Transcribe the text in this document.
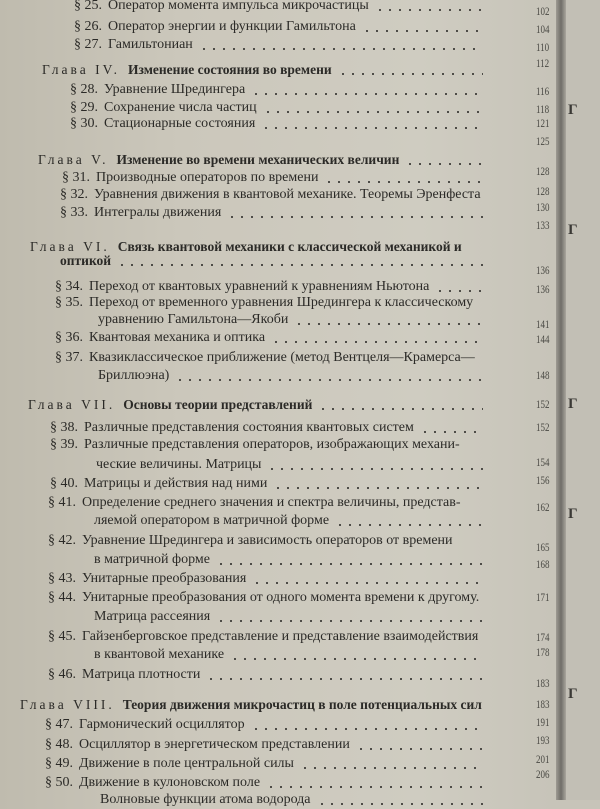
§ 25. Оператор момента импульса микрочастицы
§ 26. Оператор энергии и функции Гамильтона
§ 27. Гамильтониан
Глава IV. Изменение состояния во времени
§ 28. Уравнение Шредингера
§ 29. Сохранение числа частиц
§ 30. Стационарные состояния
Глава V. Изменение во времени механических величин
§ 31. Производные операторов по времени
§ 32. Уравнения движения в квантовой механике. Теоремы Эренфеста
§ 33. Интегралы движения
Глава VI. Связь квантовой механики с классической механикой и
оптикой
§ 34. Переход от квантовых уравнений к уравнениям Ньютона
§ 35. Переход от временного уравнения Шредингера к классическому
уравнению Гамильтона—Якоби
§ 36. Квантовая механика и оптика
§ 37. Квазиклассическое приближение (метод Вентцеля—Крамерса—
Бриллюэна)
Глава VII. Основы теории представлений
§ 38. Различные представления состояния квантовых систем
§ 39. Различные представления операторов, изображающих механи-
ческие величины. Матрицы
§ 40. Матрицы и действия над ними
§ 41. Определение среднего значения и спектра величины, представ-
ляемой оператором в матричной форме
§ 42. Уравнение Шредингера и зависимость операторов от времени
в матричной форме
§ 43. Унитарные преобразования
§ 44. Унитарные преобразования от одного момента времени к другому.
Матрица рассеяния
§ 45. Гайзенберговское представление и представление взаимодействия
в квантовой механике
§ 46. Матрица плотности
Глава VIII. Теория движения микрочастиц в поле потенциальных сил
§ 47. Гармонический осциллятор
§ 48. Осциллятор в энергетическом представлении
§ 49. Движение в поле центральной силы
§ 50. Движение в кулоновском поле
Волновые функции атома водорода
102
104
110
112
116
118
121
125
128
128
130
133
136
136
141
144
148
152
152
154
156
162
165
168
171
174
178
183
183
191
193
201
206
Г
Г
Г
Г
Г
